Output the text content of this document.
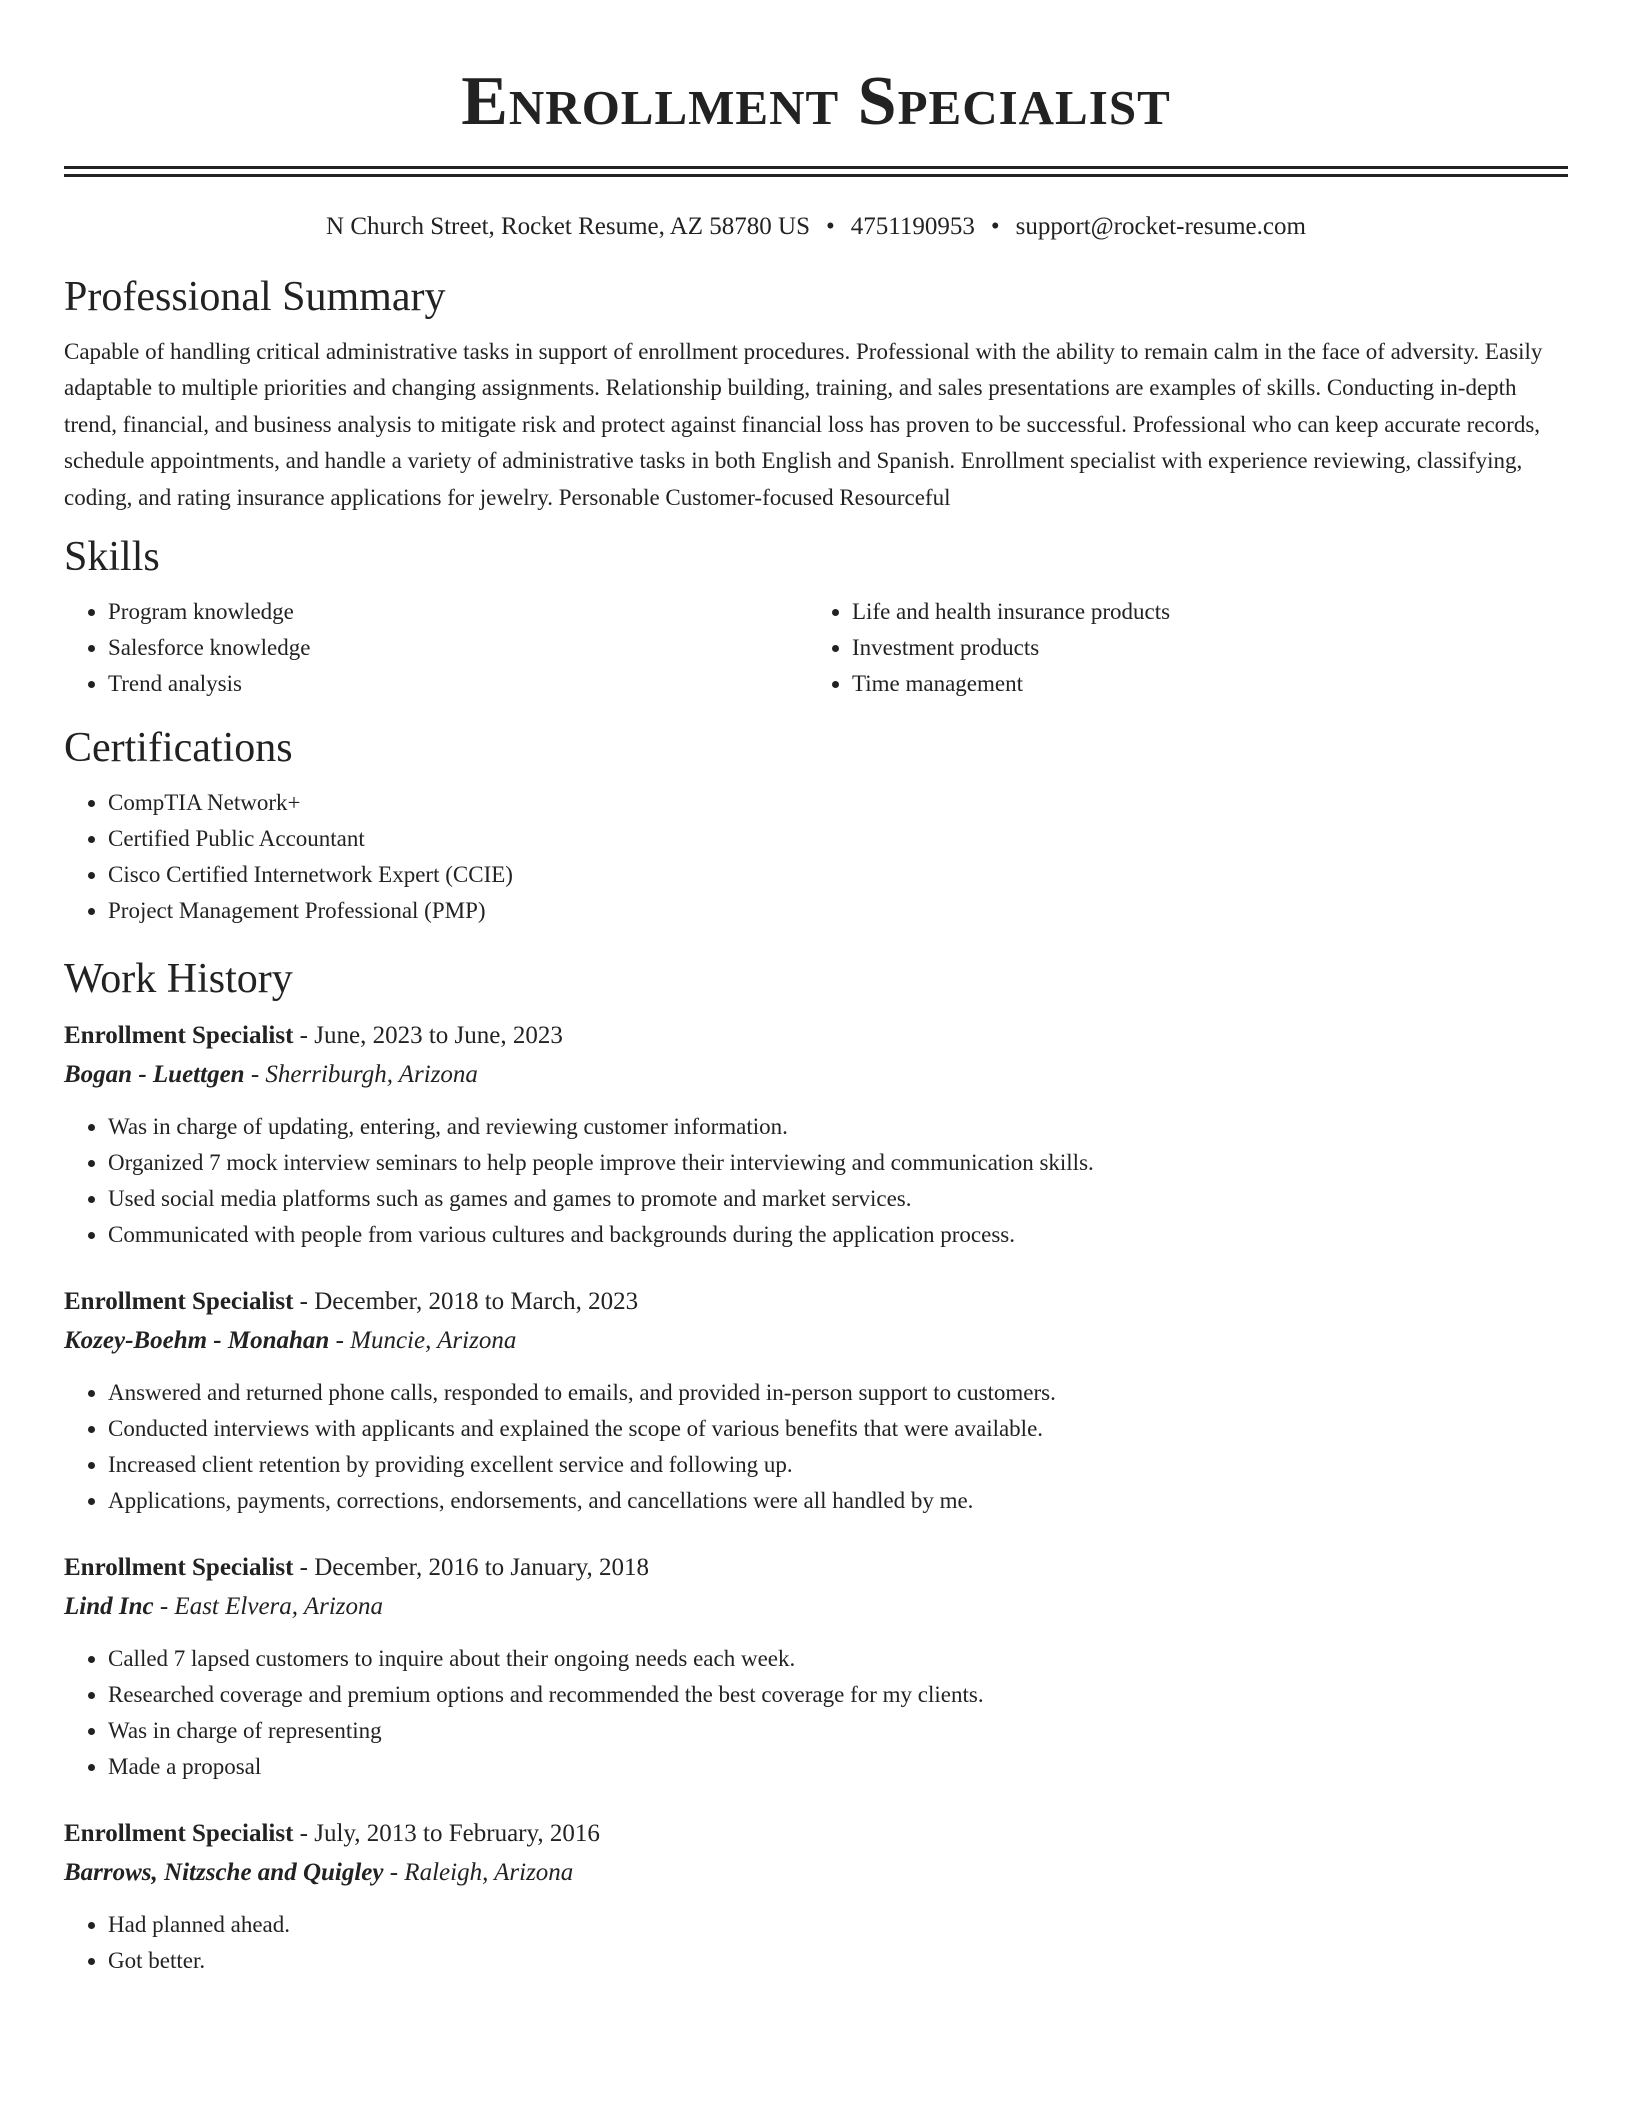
Enrollment Specialist
N Church Street, Rocket Resume, AZ 58780 US • 4751190953 • support@rocket-resume.com
Professional Summary

Capable of handling critical administrative tasks in support of enrollment procedures. Professional with the ability to remain calm in the face of adversity. Easily adaptable to multiple priorities and changing assignments. Relationship building, training, and sales presentations are examples of skills. Conducting in-depth trend, financial, and business analysis to mitigate risk and protect against financial loss has proven to be successful. Professional who can keep accurate records, schedule appointments, and handle a variety of administrative tasks in both English and Spanish. Enrollment specialist with experience reviewing, classifying, coding, and rating insurance applications for jewelry. Personable Customer-focused Resourceful

Skills
• Program knowledge
• Salesforce knowledge
• Trend analysis
• Life and health insurance products
• Investment products
• Time management
Certifications
• CompTIA Network+
• Certified Public Accountant
• Cisco Certified Internetwork Expert (CCIE)
• Project Management Professional (PMP)
Work History
Enrollment Specialist - June, 2023 to June, 2023
Bogan - Luettgen - Sherriburgh, Arizona
• Was in charge of updating, entering, and reviewing customer information.
• Organized 7 mock interview seminars to help people improve their interviewing and communication skills.
• Used social media platforms such as games and games to promote and market services.
• Communicated with people from various cultures and backgrounds during the application process.
Enrollment Specialist - December, 2018 to March, 2023
Kozey-Boehm - Monahan - Muncie, Arizona
• Answered and returned phone calls, responded to emails, and provided in-person support to customers.
• Conducted interviews with applicants and explained the scope of various benefits that were available.
• Increased client retention by providing excellent service and following up.
• Applications, payments, corrections, endorsements, and cancellations were all handled by me.
Enrollment Specialist - December, 2016 to January, 2018
Lind Inc - East Elvera, Arizona
• Called 7 lapsed customers to inquire about their ongoing needs each week.
• Researched coverage and premium options and recommended the best coverage for my clients.
• Was in charge of representing
• Made a proposal
Enrollment Specialist - July, 2013 to February, 2016
Barrows, Nitzsche and Quigley - Raleigh, Arizona
• Had planned ahead.
• Got better.
